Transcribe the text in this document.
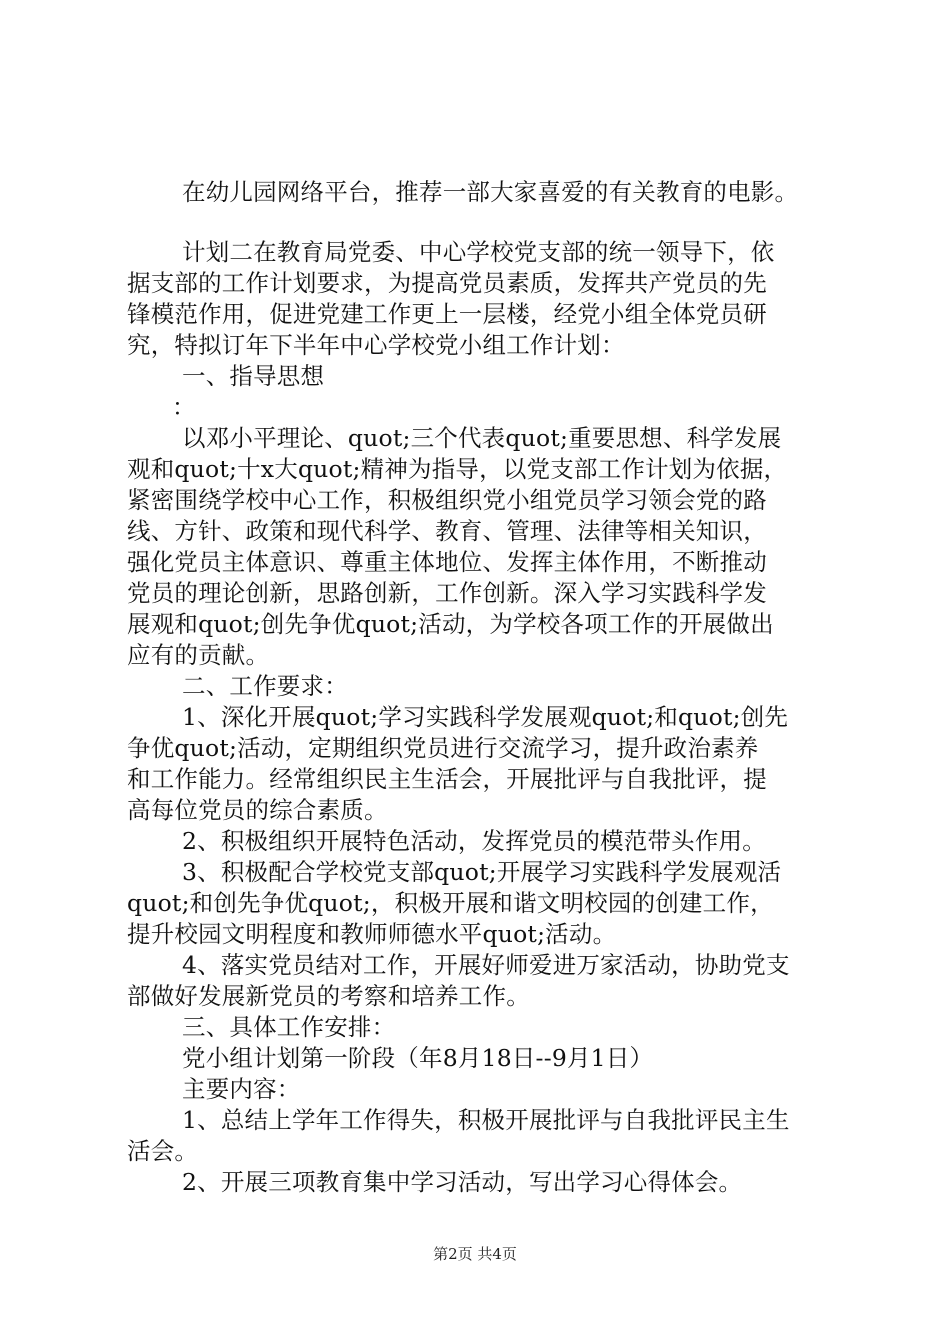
在幼儿园网络平台，推荐一部大家喜爱的有关教育的电影。
计划二在教育局党委、中心学校党支部的统一领导下，依
据支部的工作计划要求，为提高党员素质，发挥共产党员的先
锋模范作用，促进党建工作更上一层楼，经党小组全体党员研
究，特拟订年下半年中心学校党小组工作计划：
一、指导思想
：
以邓小平理论、quot;三个代表quot;重要思想、科学发展
观和quot;十x大quot;精神为指导，以党支部工作计划为依据，
紧密围绕学校中心工作，积极组织党小组党员学习领会党的路
线、方针、政策和现代科学、教育、管理、法律等相关知识，
强化党员主体意识、尊重主体地位、发挥主体作用，不断推动
党员的理论创新，思路创新，工作创新。深入学习实践科学发
展观和quot;创先争优quot;活动，为学校各项工作的开展做出
应有的贡献。
二、工作要求：
1、深化开展quot;学习实践科学发展观quot;和quot;创先
争优quot;活动，定期组织党员进行交流学习，提升政治素养
和工作能力。经常组织民主生活会，开展批评与自我批评，提
高每位党员的综合素质。
2、积极组织开展特色活动，发挥党员的模范带头作用。
3、积极配合学校党支部quot;开展学习实践科学发展观活
quot;和创先争优quot;，积极开展和谐文明校园的创建工作，
提升校园文明程度和教师师德水平quot;活动。
4、落实党员结对工作，开展好师爱进万家活动，协助党支
部做好发展新党员的考察和培养工作。
三、具体工作安排：
党小组计划第一阶段（年8月18日--9月1日）
主要内容：
1、总结上学年工作得失，积极开展批评与自我批评民主生
活会。
2、开展三项教育集中学习活动，写出学习心得体会。
第2页 共4页
